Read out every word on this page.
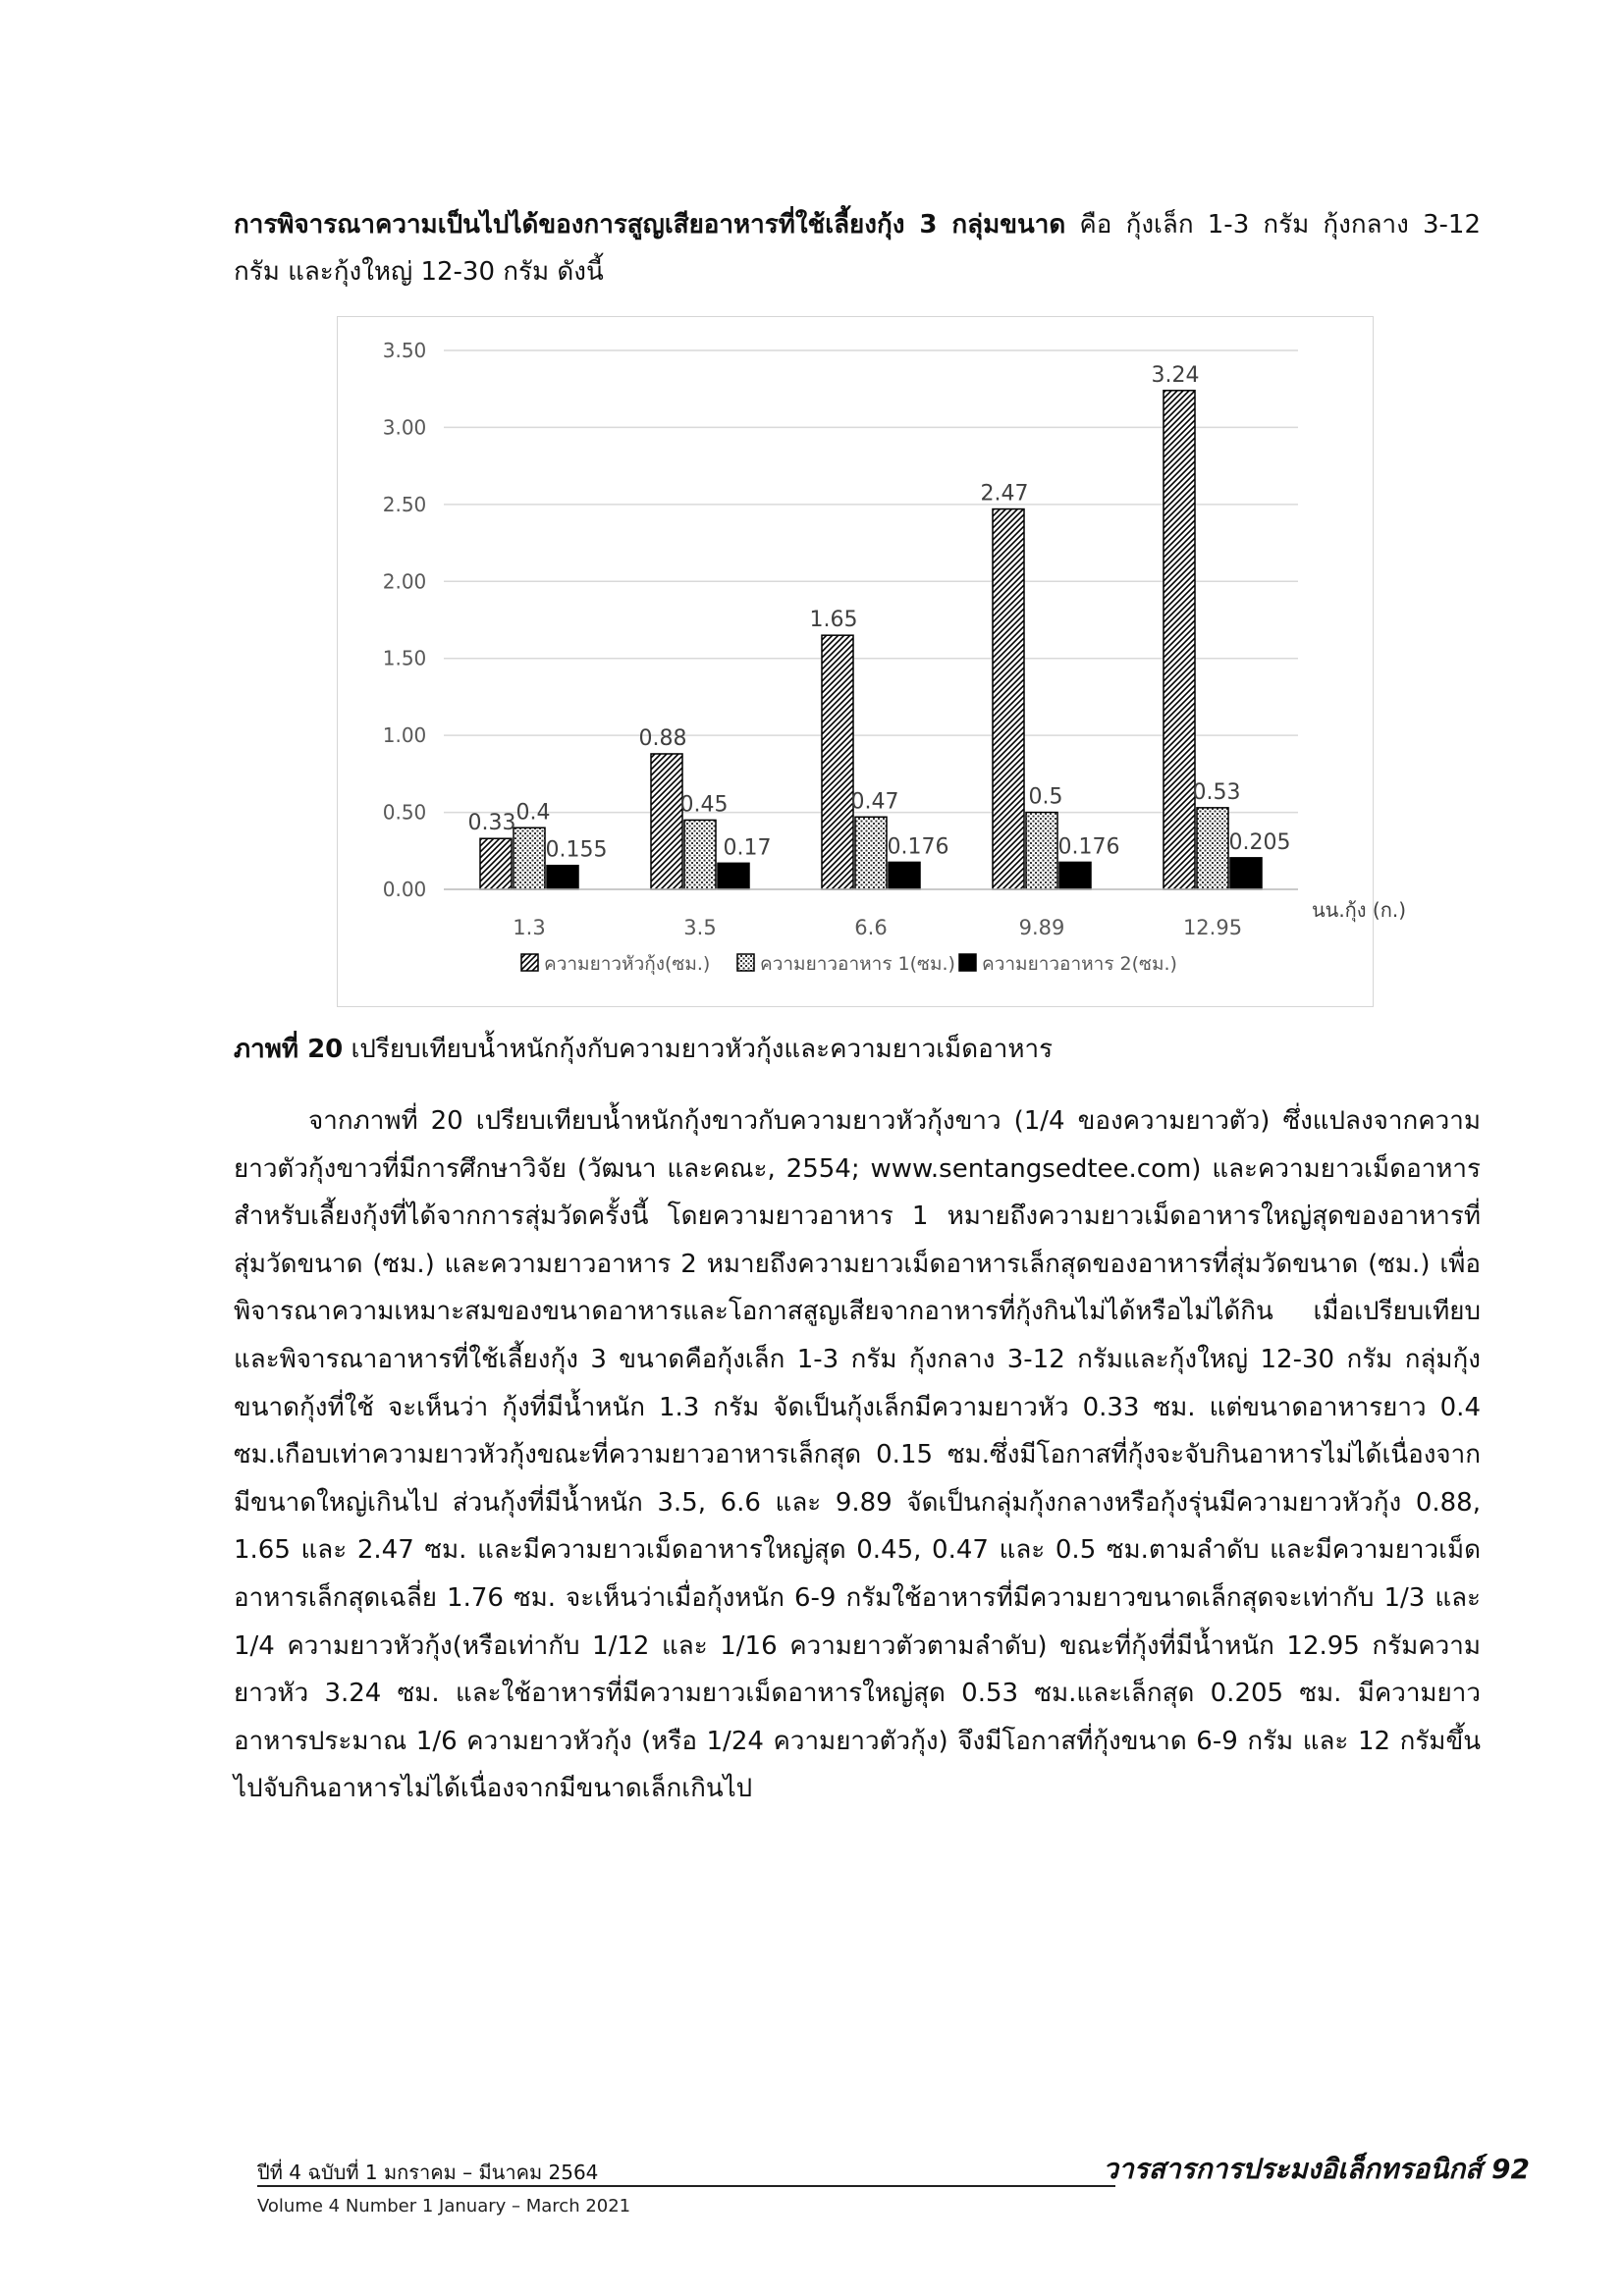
การพิจารณาความเป็นไปได้ของการสูญเสียอาหารที่ใช้เลี้ยงกุ้ง 3 กลุ่มขนาด คือ กุ้งเล็ก 1-3 กรัม กุ้งกลาง 3-12 กรัม และกุ้งใหญ่ 12-30 กรัม ดังนี้

0.33 0.4
0.155
0.88
0.45
0.17
1.65
0.47
0.176
2.47
0.5
0.176
3.24
0.53
0.205
0.00
0.50
1.00
1.50
2.00
2.50
3.00
3.50
1.3	3.5	6.6	9.89	12.95
นน.กุ้ง (ก.)
ความยาวหัวกุ้ง(ซม.)	ความยาวอาหาร 1(ซม.) ความยาวอาหาร 2(ซม.)

ภาพที่ 20 เปรียบเทียบน้ำหนักกุ้งกับความยาวหัวกุ้งและความยาวเม็ดอาหาร

จากภาพที่ 20 เปรียบเทียบน้ำหนักกุ้งขาวกับความยาวหัวกุ้งขาว (1/4 ของความยาวตัว) ซึ่งแปลงจากความยาวตัวกุ้งขาวที่มีการศึกษาวิจัย (วัฒนา และคณะ, 2554; www.sentangsedtee.com) และความยาวเม็ดอาหารสำหรับเลี้ยงกุ้งที่ได้จากการสุ่มวัดครั้งนี้ โดยความยาวอาหาร 1 หมายถึงความยาวเม็ดอาหารใหญ่สุดของอาหารที่สุ่มวัดขนาด (ซม.) และความยาวอาหาร 2 หมายถึงความยาวเม็ดอาหารเล็กสุดของอาหารที่สุ่มวัดขนาด (ซม.) เพื่อพิจารณาความเหมาะสมของขนาดอาหารและโอกาสสูญเสียจากอาหารที่กุ้งกินไม่ได้หรือไม่ได้กิน เมื่อเปรียบเทียบและพิจารณาอาหารที่ใช้เลี้ยงกุ้ง 3 ขนาดคือกุ้งเล็ก 1-3 กรัม กุ้งกลาง 3-12 กรัมและกุ้งใหญ่ 12-30 กรัม กลุ่มกุ้งขนาดกุ้งที่ใช้ จะเห็นว่า กุ้งที่มีน้ำหนัก 1.3 กรัม จัดเป็นกุ้งเล็กมีความยาวหัว 0.33 ซม. แต่ขนาดอาหารยาว 0.4 ซม.เกือบเท่าความยาวหัวกุ้งขณะที่ความยาวอาหารเล็กสุด 0.15 ซม.ซึ่งมีโอกาสที่กุ้งจะจับกินอาหารไม่ได้เนื่องจากมีขนาดใหญ่เกินไป ส่วนกุ้งที่มีน้ำหนัก 3.5, 6.6 และ 9.89 จัดเป็นกลุ่มกุ้งกลางหรือกุ้งรุ่นมีความยาวหัวกุ้ง 0.88, 1.65 และ 2.47 ซม. และมีความยาวเม็ดอาหารใหญ่สุด 0.45, 0.47 และ 0.5 ซม.ตามลำดับ และมีความยาวเม็ดอาหารเล็กสุดเฉลี่ย 1.76 ซม. จะเห็นว่าเมื่อกุ้งหนัก 6-9 กรัมใช้อาหารที่มีความยาวขนาดเล็กสุดจะเท่ากับ 1/3 และ 1/4 ความยาวหัวกุ้ง(หรือเท่ากับ 1/12 และ 1/16 ความยาวตัวตามลำดับ) ขณะที่กุ้งที่มีน้ำหนัก 12.95 กรัมความยาวหัว 3.24 ซม. และใช้อาหารที่มีความยาวเม็ดอาหารใหญ่สุด 0.53 ซม.และเล็กสุด 0.205 ซม. มีความยาวอาหารประมาณ 1/6 ความยาวหัวกุ้ง (หรือ 1/24 ความยาวตัวกุ้ง) จึงมีโอกาสที่กุ้งขนาด 6-9 กรัม และ 12 กรัมขึ้นไปจับกินอาหารไม่ได้เนื่องจากมีขนาดเล็กเกินไป

ปีที่ 4 ฉบับที่ 1 มกราคม – มีนาคม 2564
Volume 4 Number 1 January – March 2021
วารสารการประมงอิเล็กทรอนิกส์ 92
